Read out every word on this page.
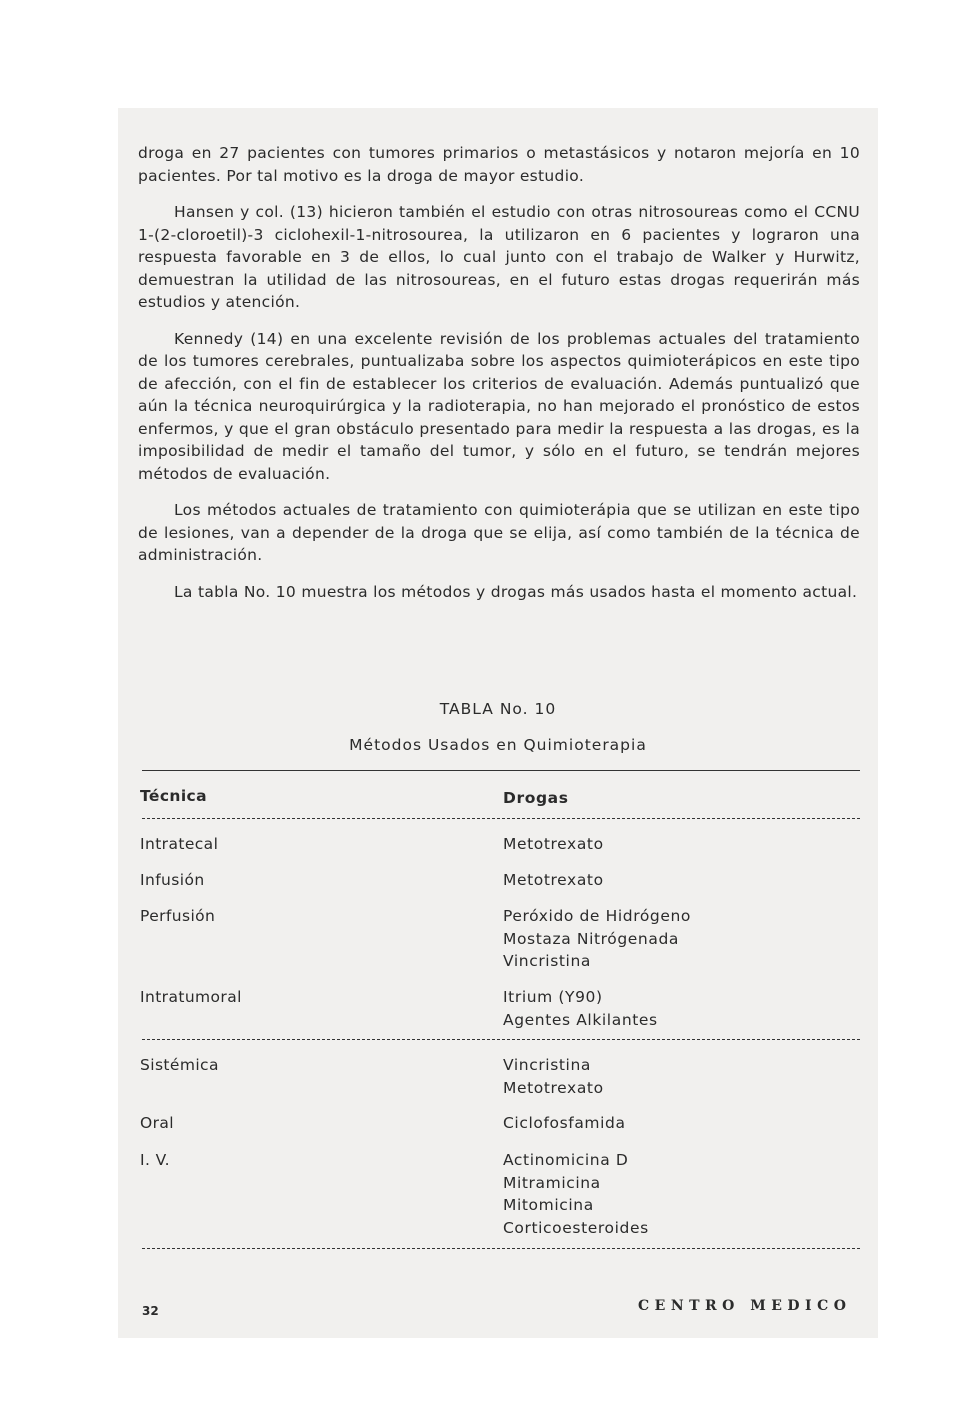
droga en 27 pacientes con tumores primarios o metastásicos y notaron mejoría en 10 pacientes. Por tal motivo es la droga de mayor estudio.

Hansen y col. (13) hicieron también el estudio con otras nitrosoureas como el CCNU 1-(2-cloroetil)-3 ciclohexil-1-nitrosourea, la utilizaron en 6 pacientes y lograron una respuesta favorable en 3 de ellos, lo cual junto con el trabajo de Walker y Hurwitz, demuestran la utilidad de las nitrosoureas, en el futuro estas drogas requerirán más estudios y atención.

Kennedy (14) en una excelente revisión de los problemas actuales del tratamiento de los tumores cerebrales, puntualizaba sobre los aspectos quimioterápicos en este tipo de afección, con el fin de establecer los criterios de evaluación. Además puntualizó que aún la técnica neuroquirúrgica y la radioterapia, no han mejorado el pronóstico de estos enfermos, y que el gran obstáculo presentado para medir la respuesta a las drogas, es la imposibilidad de medir el tamaño del tumor, y sólo en el futuro, se tendrán mejores métodos de evaluación.

Los métodos actuales de tratamiento con quimioterápia que se utilizan en este tipo de lesiones, van a depender de la droga que se elija, así como también de la técnica de administración.

La tabla No. 10 muestra los métodos y drogas más usados hasta el momento actual.

TABLA No. 10
Métodos Usados en Quimioterapia
Técnica	Drogas
Intratecal	Metotrexato
Infusión	Metotrexato
Perfusión	Peróxido de Hidrógeno
Mostaza Nitrógenada
Vincristina
Intratumoral	Itrium (Y90)
Agentes Alkilantes
Sistémica	Vincristina
Metotrexato
Oral	Ciclofosfamida
I. V.	Actinomicina D
Mitramicina
Mitomicina
Corticoesteroides
32	CENTRO MEDICO
